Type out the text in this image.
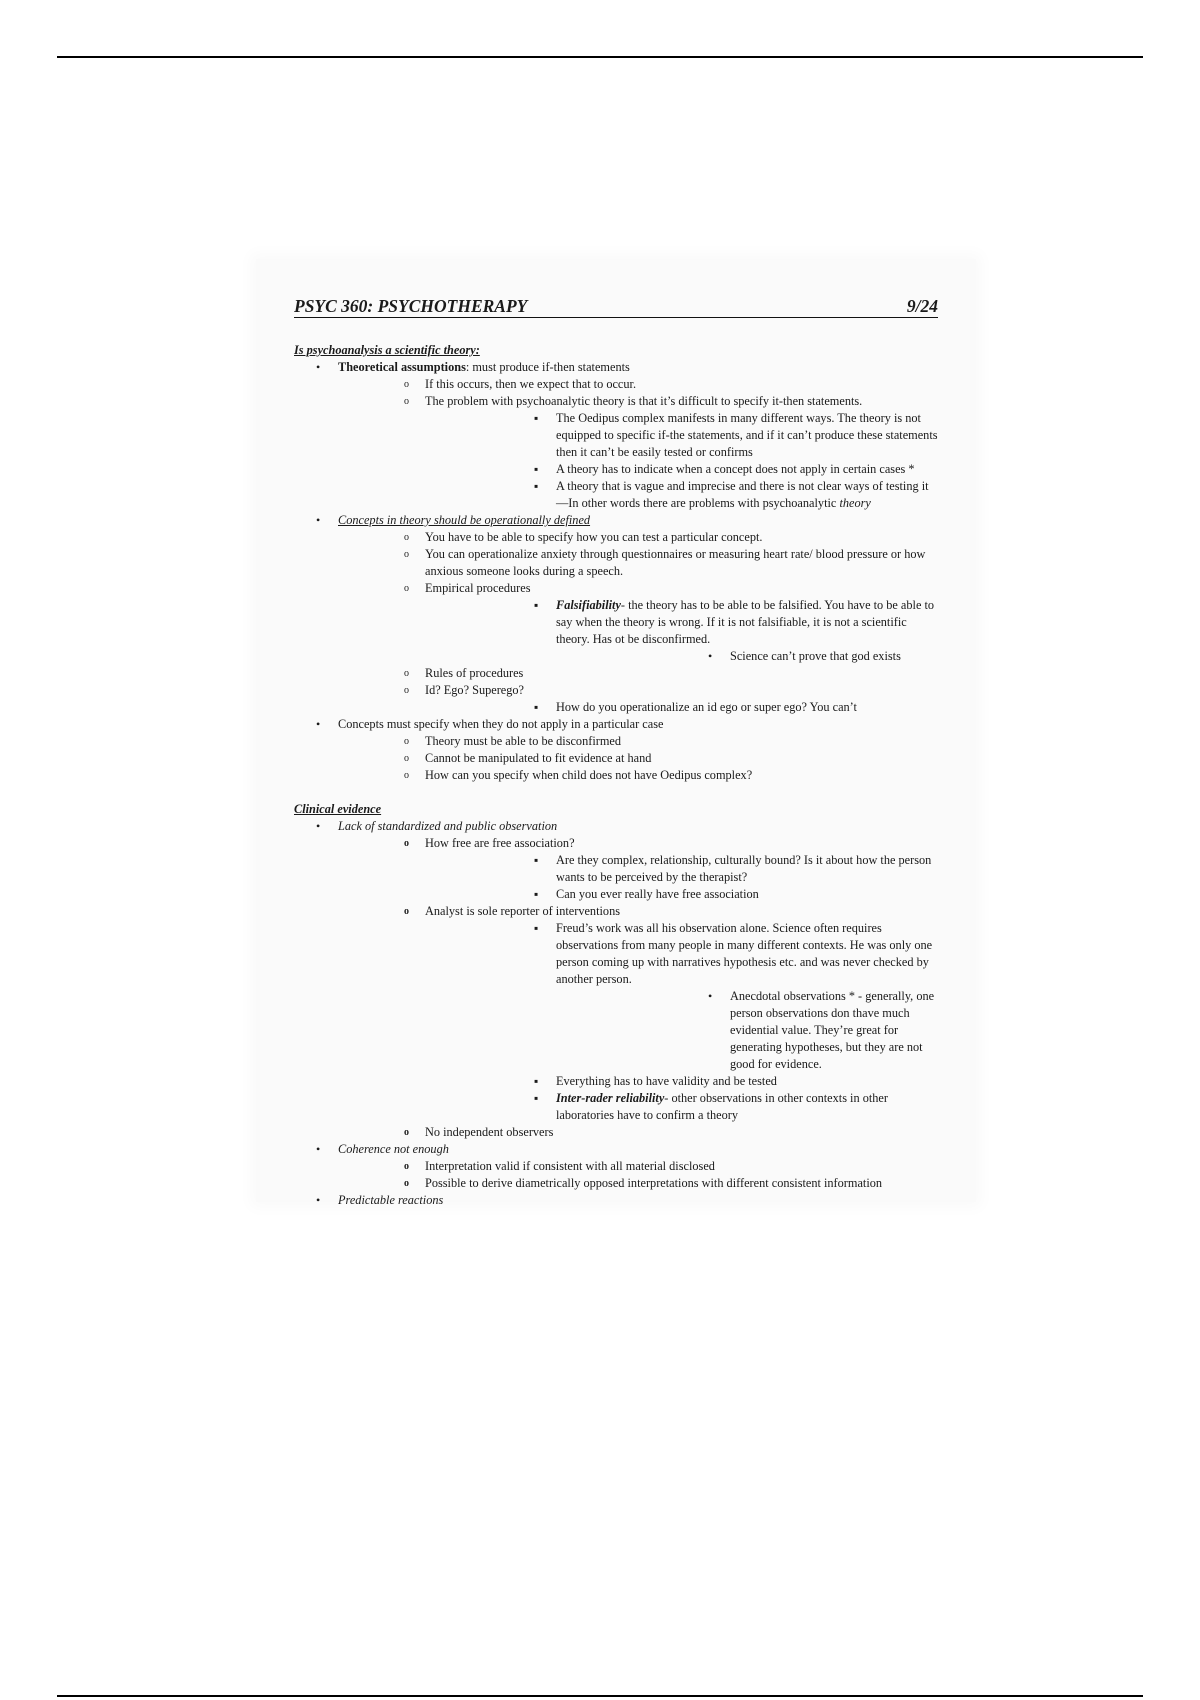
PSYC 360: PSYCHOTHERAPY	9/24
Is psychoanalysis a scientific theory:
• Theoretical assumptions: must produce if-then statements
o If this occurs, then we expect that to occur.
o The problem with psychoanalytic theory is that it’s difficult to specify it-then statements.
▪ The Oedipus complex manifests in many different ways. The theory is not equipped to specific if-the statements, and if it can’t produce these statements then it can’t be easily tested or confirms
▪ A theory has to indicate when a concept does not apply in certain cases *
▪ A theory that is vague and imprecise and there is not clear ways of testing it—In other words there are problems with psychoanalytic theory
• Concepts in theory should be operationally defined
o You have to be able to specify how you can test a particular concept.
o You can operationalize anxiety through questionnaires or measuring heart rate/ blood pressure or how anxious someone looks during a speech.
o Empirical procedures
▪ Falsifiability- the theory has to be able to be falsified. You have to be able to say when the theory is wrong. If it is not falsifiable, it is not a scientific theory. Has ot be disconfirmed.
• Science can’t prove that god exists
o Rules of procedures
o Id? Ego? Superego?
▪ How do you operationalize an id ego or super ego? You can’t
• Concepts must specify when they do not apply in a particular case
o Theory must be able to be disconfirmed
o Cannot be manipulated to fit evidence at hand
o How can you specify when child does not have Oedipus complex?
Clinical evidence
• Lack of standardized and public observation
o How free are free association?
▪ Are they complex, relationship, culturally bound? Is it about how the person wants to be perceived by the therapist?
▪ Can you ever really have free association
o Analyst is sole reporter of interventions
▪ Freud’s work was all his observation alone. Science often requires observations from many people in many different contexts. He was only one person coming up with narratives hypothesis etc. and was never checked by another person.
• Anecdotal observations * - generally, one person observations don thave much evidential value. They’re great for generating hypotheses, but they are not good for evidence.
▪ Everything has to have validity and be tested
▪ Inter-rader reliability- other observations in other contexts in other laboratories have to confirm a theory
o No independent observers
• Coherence not enough
o Interpretation valid if consistent with all material disclosed
o Possible to derive diametrically opposed interpretations with different consistent information
• Predictable reactions
